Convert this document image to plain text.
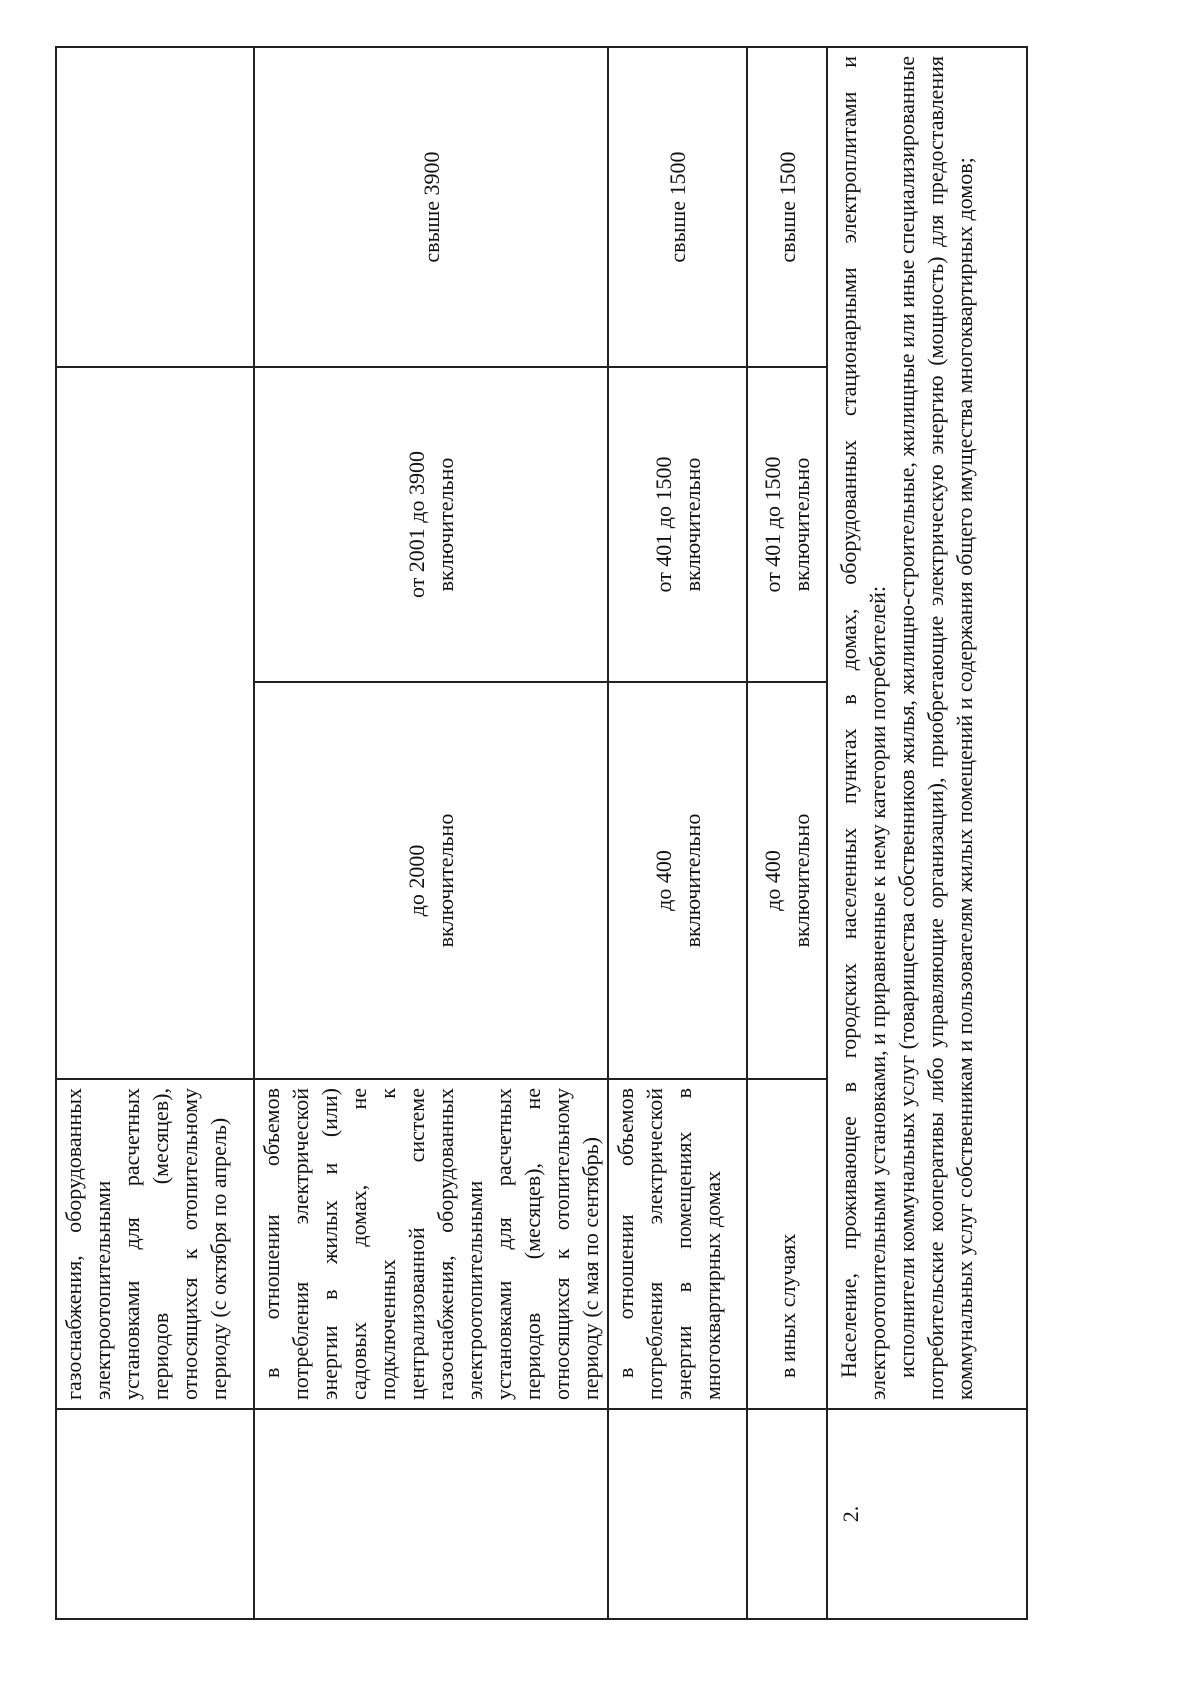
	газоснабжения, оборудованных электроотопительными установками для расчетных периодов (месяцев), относящихся к отопительному периоду (с октября по апрель)			
	в отношении объемов потребления электрической энергии в жилых и (или) садовых домах, не подключенных к централизованной системе газоснабжения, оборудованных электроотопительными установками для расчетных периодов (месяцев), не относящихся к отопительному периоду (с мая по сентябрь)	до 2000 включительно	от 2001 до 3900 включительно	свыше 3900
	в отношении объемов потребления электрической энергии в помещениях в многоквартирных домах	до 400 включительно	от 401 до 1500 включительно	свыше 1500
	в иных случаях	до 400 включительно	от 401 до 1500 включительно	свыше 1500
2.	Население, проживающее в городских населенных пунктах в домах, оборудованных стационарными электроплитами и электроотопительными установками, и приравненные к нему категории потребителей: исполнители коммунальных услуг (товарищества собственников жилья, жилищно-строительные, жилищные или иные специализированные потребительские кооперативы либо управляющие организации), приобретающие электрическую энергию (мощность) для предоставления коммунальных услуг собственникам и пользователям жилых помещений и содержания общего имущества многоквартирных домов;			
